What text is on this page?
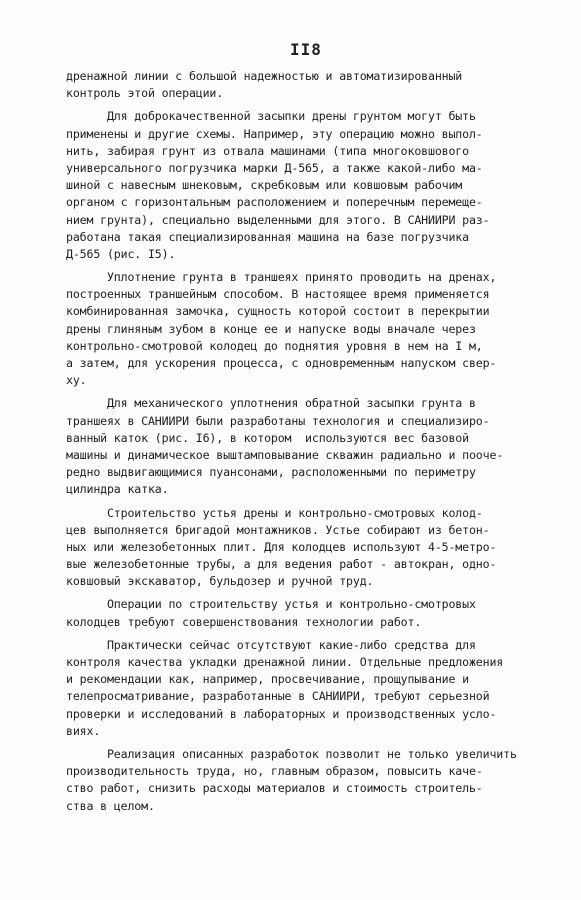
II8
дренажной линии с большой надежностью и автоматизированный
контроль этой операции.
Для доброкачественной засыпки дрены грунтом могут быть
применены и другие схемы. Например, эту операцию можно выпол-
нить, забирая грунт из отвала машинами (типа многоковшового
универсального погрузчика марки Д-565, а также какой-либо ма-
шиной с навесным шнековым, скребковым или ковшовым рабочим
органом с горизонтальным расположением и поперечным перемеще-
нием грунта), специально выделенными для этого. В САНИИРИ раз-
работана такая специализированная машина на базе погрузчика
Д-565 (рис. I5).
Уплотнение грунта в траншеях принято проводить на дренах,
построенных траншейным способом. В настоящее время применяется
комбинированная замочка, сущность которой состоит в перекрытии
дрены глиняным зубом в конце ее и напуске воды вначале через
контрольно-смотровой колодец до поднятия уровня в нем на I м,
а затем, для ускорения процесса, с одновременным напуском свер-
ху.
Для механического уплотнения обратной засыпки грунта в
траншеях в САНИИРИ были разработаны технология и специализиро-
ванный каток (рис. I6), в котором  используются вес базовой
машины и динамическое выштамповывание скважин радиально и пооче-
редно выдвигающимися пуансонами, расположенными по периметру
цилиндра катка.
Строительство устья дрены и контрольно-смотровых колод-
цев выполняется бригадой монтажников. Устье собирают из бетон-
ных или железобетонных плит. Для колодцев используют 4-5-метро-
вые железобетонные трубы, а для ведения работ - автокран, одно-
ковшовый экскаватор, бульдозер и ручной труд.
Операции по строительству устья и контрольно-смотровых
колодцев требуют совершенствования технологии работ.
Практически сейчас отсутствуют какие-либо средства для
контроля качества укладки дренажной линии. Отдельные предложения
и рекомендации как, например, просвечивание, прощупывание и
телепросматривание, разработанные в САНИИРИ, требуют серьезной
проверки и исследований в лабораторных и производственных усло-
виях.
Реализация описанных разработок позволит не только увеличить
производительность труда, но, главным образом, повысить каче-
ство работ, снизить расходы материалов и стоимость строитель-
ства в целом.
